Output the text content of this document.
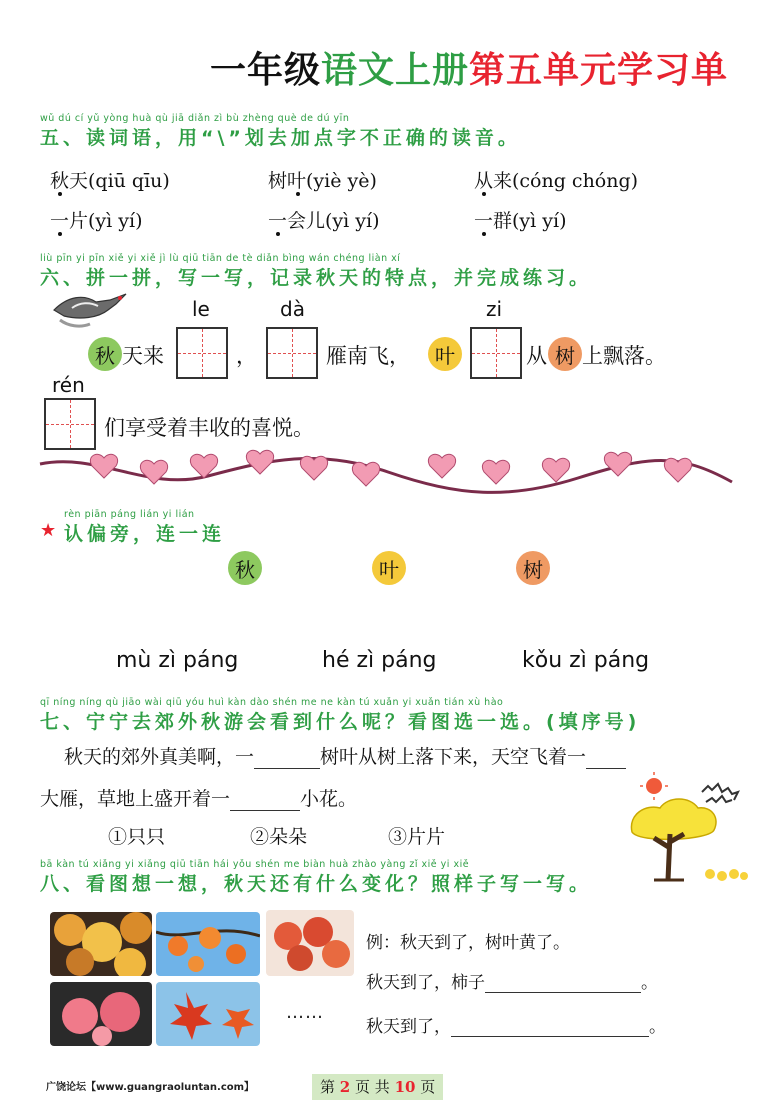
一年级语文上册第五单元学习单
wǔ dú cí yǔ yòng huà qù jiā diǎn zì bù zhèng què de dú yīn
五、读词语，用“\”划去加点字不正确的读音。
秋天(qiū qīu)	树叶(yiè yè)	从来(cóng chóng)
一片(yì yí)	一会儿(yì yí)	一群(yì yí)
liù pīn yi pīn xiě yi xiě jì lù qiū tiān de tè diǎn bìng wán chéng liàn xí
六、拼一拼，写一写，记录秋天的特点，并完成练习。
le	dà	zi
rén
秋 天来	，	雁南飞，	叶	从 树 上飘落。
们享受着丰收的喜悦。
★
rèn piān páng lián yi lián
认偏旁，连一连
秋	叶	树
mù zì páng	hé zì páng	kǒu zì páng
qī níng níng qù jiāo wài qiū yóu huì kàn dào shén me ne kàn tú xuǎn yi xuǎn tián xù hào
七、宁宁去郊外秋游会看到什么呢？看图选一选。(填序号)
秋天的郊外真美啊，一	树叶从树上落下来，天空飞着一
大雁，草地上盛开着一	小花。
①只只	②朵朵	③片片
bā kàn tú xiǎng yi xiǎng qiū tiān hái yǒu shén me biàn huà zhào yàng zǐ xiě yi xiě
八、看图想一想，秋天还有什么变化？照样子写一写。
……
例：秋天到了，树叶黄了。
秋天到了，柿子	。
秋天到了，	。
广饶论坛【www.guangraoluntan.com】	第 2 页 共 10 页
